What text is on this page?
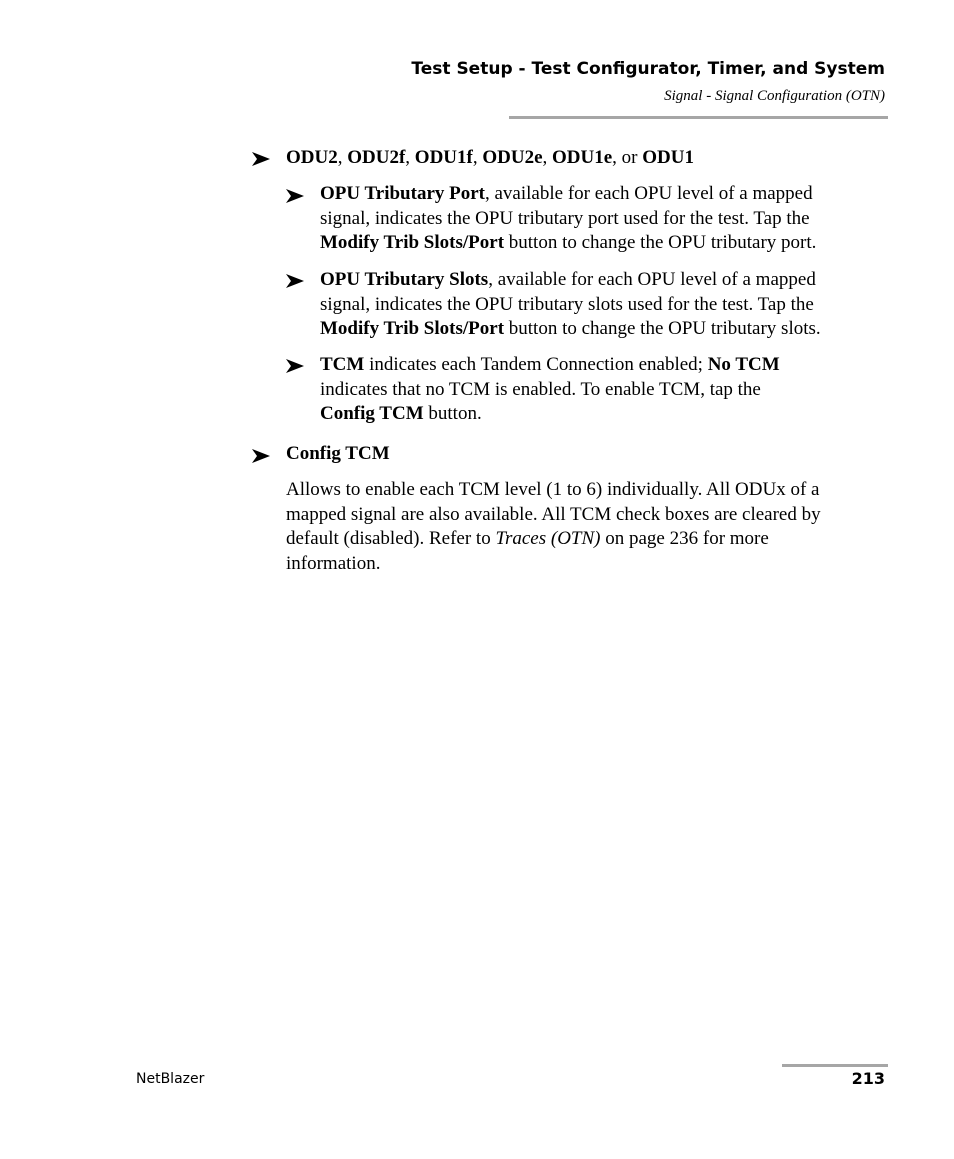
Test Setup - Test Configurator, Timer, and System
Signal - Signal Configuration (OTN)
ODU2, ODU2f, ODU1f, ODU2e, ODU1e, or ODU1
OPU Tributary Port, available for each OPU level of a mapped
signal, indicates the OPU tributary port used for the test. Tap the
Modify Trib Slots/Port button to change the OPU tributary port.
OPU Tributary Slots, available for each OPU level of a mapped
signal, indicates the OPU tributary slots used for the test. Tap the
Modify Trib Slots/Port button to change the OPU tributary slots.
TCM indicates each Tandem Connection enabled; No TCM
indicates that no TCM is enabled. To enable TCM, tap the
Config TCM button.
Config TCM
Allows to enable each TCM level (1 to 6) individually. All ODUx of a
mapped signal are also available. All TCM check boxes are cleared by
default (disabled). Refer to Traces (OTN) on page 236 for more
information.
NetBlazer	213
